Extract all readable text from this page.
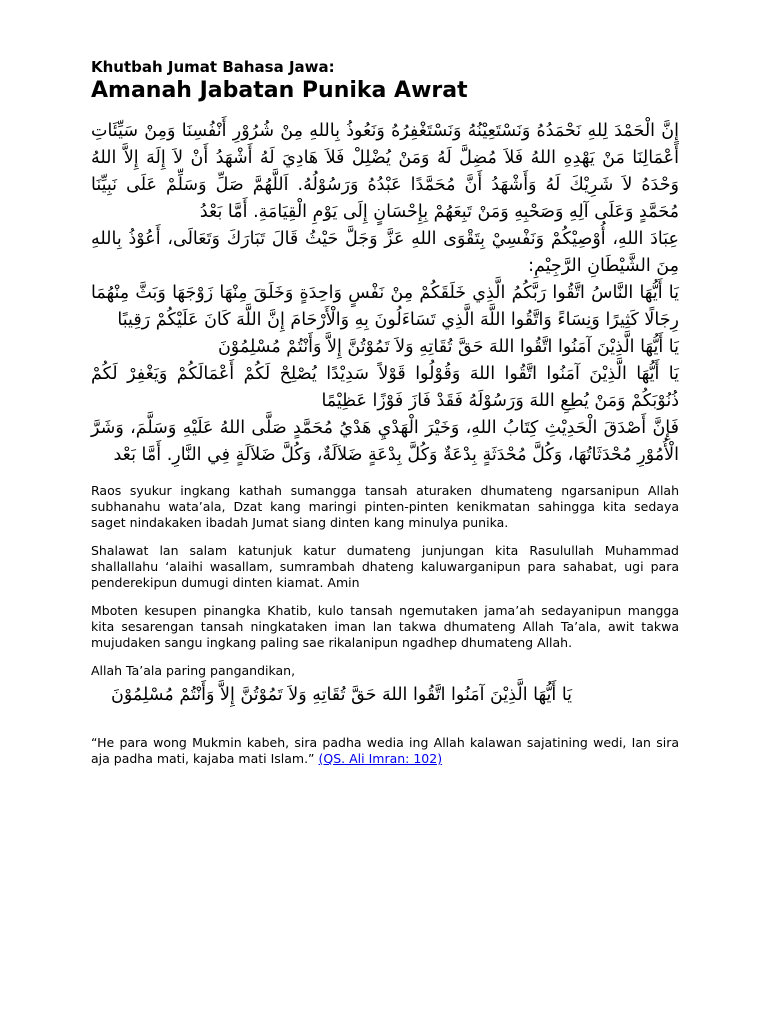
Khutbah Jumat Bahasa Jawa:
Amanah Jabatan Punika Awrat

إِنَّ الْحَمْدَ لِلهِ نَحْمَدُهُ وَنَسْتَعِيْنُهُ وَنَسْتَغْفِرُهُ وَنَعُوذُ بِاللهِ مِنْ شُرُوْرِ أَنْفُسِنَا وَمِنْ سَيِّئَاتِ أَعْمَالِنَا مَنْ يَهْدِهِ اللهُ فَلاَ مُضِلَّ لَهُ وَمَنْ يُضْلِلْ فَلاَ هَادِيَ لَهُ أَشْهَدُ أَنْ لاَ إِلَهَ إِلاَّ اللهُ وَحْدَهُ لاَ شَرِيْكَ لَهُ وَأَشْهَدُ أَنَّ مُحَمَّدًا عَبْدُهُ وَرَسُوْلُهُ. اَللَّهُمَّ صَلِّ وَسَلِّمْ عَلَى نَبِيِّنَا مُحَمَّدٍ وَعَلَى آلِهِ وَصَحْبِهِ وَمَنْ تَبِعَهُمْ بِإِحْسَانٍ إِلَى يَوْمِ الْقِيَامَةِ. أَمَّا بَعْدُ

عِبَادَ اللهِ، أُوْصِيْكُمْ وَنَفْسِيْ بِتَقْوَى اللهِ عَزَّ وَجَلَّ حَيْثُ قَالَ تَبَارَكَ وَتَعَالَى، أَعُوْذُ بِاللهِ مِنَ الشَّيْطَانِ الرَّجِيْمِ:

يَا أَيُّهَا النَّاسُ اتَّقُوا رَبَّكُمُ الَّذِي خَلَقَكُمْ مِنْ نَفْسٍ وَاحِدَةٍ وَخَلَقَ مِنْهَا زَوْجَهَا وَبَثَّ مِنْهُمَا رِجَالًا كَثِيرًا وَنِسَاءً وَاتَّقُوا اللَّهَ الَّذِي تَسَاءَلُونَ بِهِ وَالْأَرْحَامَ إِنَّ اللَّهَ كَانَ عَلَيْكُمْ رَقِيبًا

يَا أَيُّهَا الَّذِيْنَ آمَنُوا اتَّقُوا اللهَ حَقَّ تُقَاتِهِ وَلاَ تَمُوْتُنَّ إِلاَّ وَأَنْتُمْ مُسْلِمُوْنَ

يَا أَيُّهَا الَّذِيْنَ آمَنُوا اتَّقُوا اللهَ وَقُوْلُوا قَوْلاً سَدِيْدًا يُصْلِحْ لَكُمْ أَعْمَالَكُمْ وَيَغْفِرْ لَكُمْ ذُنُوْبَكُمْ وَمَنْ يُطِعِ اللهَ وَرَسُوْلَهُ فَقَدْ فَازَ فَوْزًا عَظِيْمًا

فَإِنَّ أَصْدَقَ الْحَدِيْثِ كِتَابُ اللهِ، وَخَيْرَ الْهَدْيِ هَدْيُ مُحَمَّدٍ صَلَّى اللهُ عَلَيْهِ وَسَلَّمَ، وَشَرَّ الْأُمُوْرِ مُحْدَثَاتُهَا، وَكُلَّ مُحْدَثَةٍ بِدْعَةٌ وَكُلَّ بِدْعَةٍ ضَلاَلَةٌ، وَكُلَّ ضَلاَلَةٍ فِي النَّارِ. أَمَّا بَعْد

Raos syukur ingkang kathah sumangga tansah aturaken dhumateng ngarsanipun Allah subhanahu wata’ala, Dzat kang maringi pinten-pinten kenikmatan sahingga kita sedaya saget nindakaken ibadah Jumat siang dinten kang minulya punika.

Shalawat lan salam katunjuk katur dumateng junjungan kita Rasulullah Muhammad shallallahu ‘alaihi wasallam, sumrambah dhateng kaluwarganipun para sahabat, ugi para penderekipun dumugi dinten kiamat. Amin

Mboten kesupen pinangka Khatib, kulo tansah ngemutaken jama’ah sedayanipun mangga kita sesarengan tansah ningkataken iman lan takwa dhumateng Allah Ta’ala, awit takwa mujudaken sangu ingkang paling sae rikalanipun ngadhep dhumateng Allah.

Allah Ta’ala paring pangandikan,

يَا أَيُّهَا الَّذِيْنَ آمَنُوا اتَّقُوا اللهَ حَقَّ تُقَاتِهِ وَلاَ تَمُوْتُنَّ إِلاَّ وَأَنْتُمْ مُسْلِمُوْنَ

“He para wong Mukmin kabeh, sira padha wedia ing Allah kalawan sajatining wedi, Ian sira aja padha mati, kajaba mati Islam.” (QS. Ali Imran: 102)
